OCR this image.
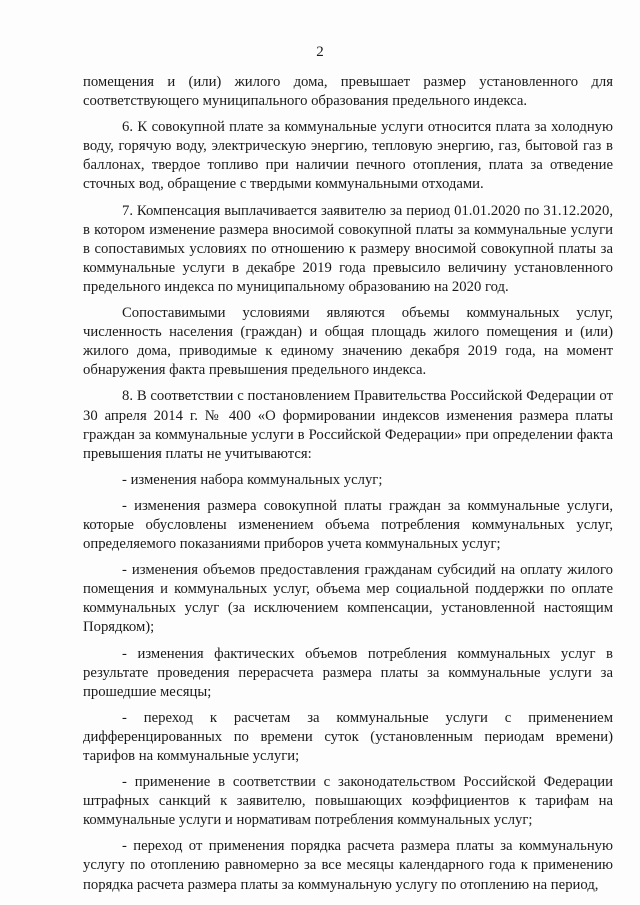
2

помещения и (или) жилого дома, превышает размер установленного для соответствующего муниципального образования предельного индекса.

6. К совокупной плате за коммунальные услуги относится плата за холодную воду, горячую воду, электрическую энергию, тепловую энергию, газ, бытовой газ в баллонах, твердое топливо при наличии печного отопления, плата за отведение сточных вод, обращение с твердыми коммунальными отходами.

7. Компенсация выплачивается заявителю за период 01.01.2020 по 31.12.2020, в котором изменение размера вносимой совокупной платы за коммунальные услуги в сопоставимых условиях по отношению к размеру вносимой совокупной платы за коммунальные услуги в декабре 2019 года превысило величину установленного предельного индекса по муниципальному образованию на 2020 год.

Сопоставимыми условиями являются объемы коммунальных услуг, численность населения (граждан) и общая площадь жилого помещения и (или) жилого дома, приводимые к единому значению декабря 2019 года, на момент обнаружения факта превышения предельного индекса.

8. В соответствии с постановлением Правительства Российской Федерации от 30 апреля 2014 г. № 400 «О формировании индексов изменения размера платы граждан за коммунальные услуги в Российской Федерации» при определении факта превышения платы не учитываются:

- изменения набора коммунальных услуг;

- изменения размера совокупной платы граждан за коммунальные услуги, которые обусловлены изменением объема потребления коммунальных услуг, определяемого показаниями приборов учета коммунальных услуг;

- изменения объемов предоставления гражданам субсидий на оплату жилого помещения и коммунальных услуг, объема мер социальной поддержки по оплате коммунальных услуг (за исключением компенсации, установленной настоящим Порядком);

- изменения фактических объемов потребления коммунальных услуг в результате проведения перерасчета размера платы за коммунальные услуги за прошедшие месяцы;

- переход к расчетам за коммунальные услуги с применением дифференцированных по времени суток (установленным периодам времени) тарифов на коммунальные услуги;

- применение в соответствии с законодательством Российской Федерации штрафных санкций к заявителю, повышающих коэффициентов к тарифам на коммунальные услуги и нормативам потребления коммунальных услуг;

- переход от применения порядка расчета размера платы за коммунальную услугу по отоплению равномерно за все месяцы календарного года к применению порядка расчета размера платы за коммунальную услугу по отоплению на период,
